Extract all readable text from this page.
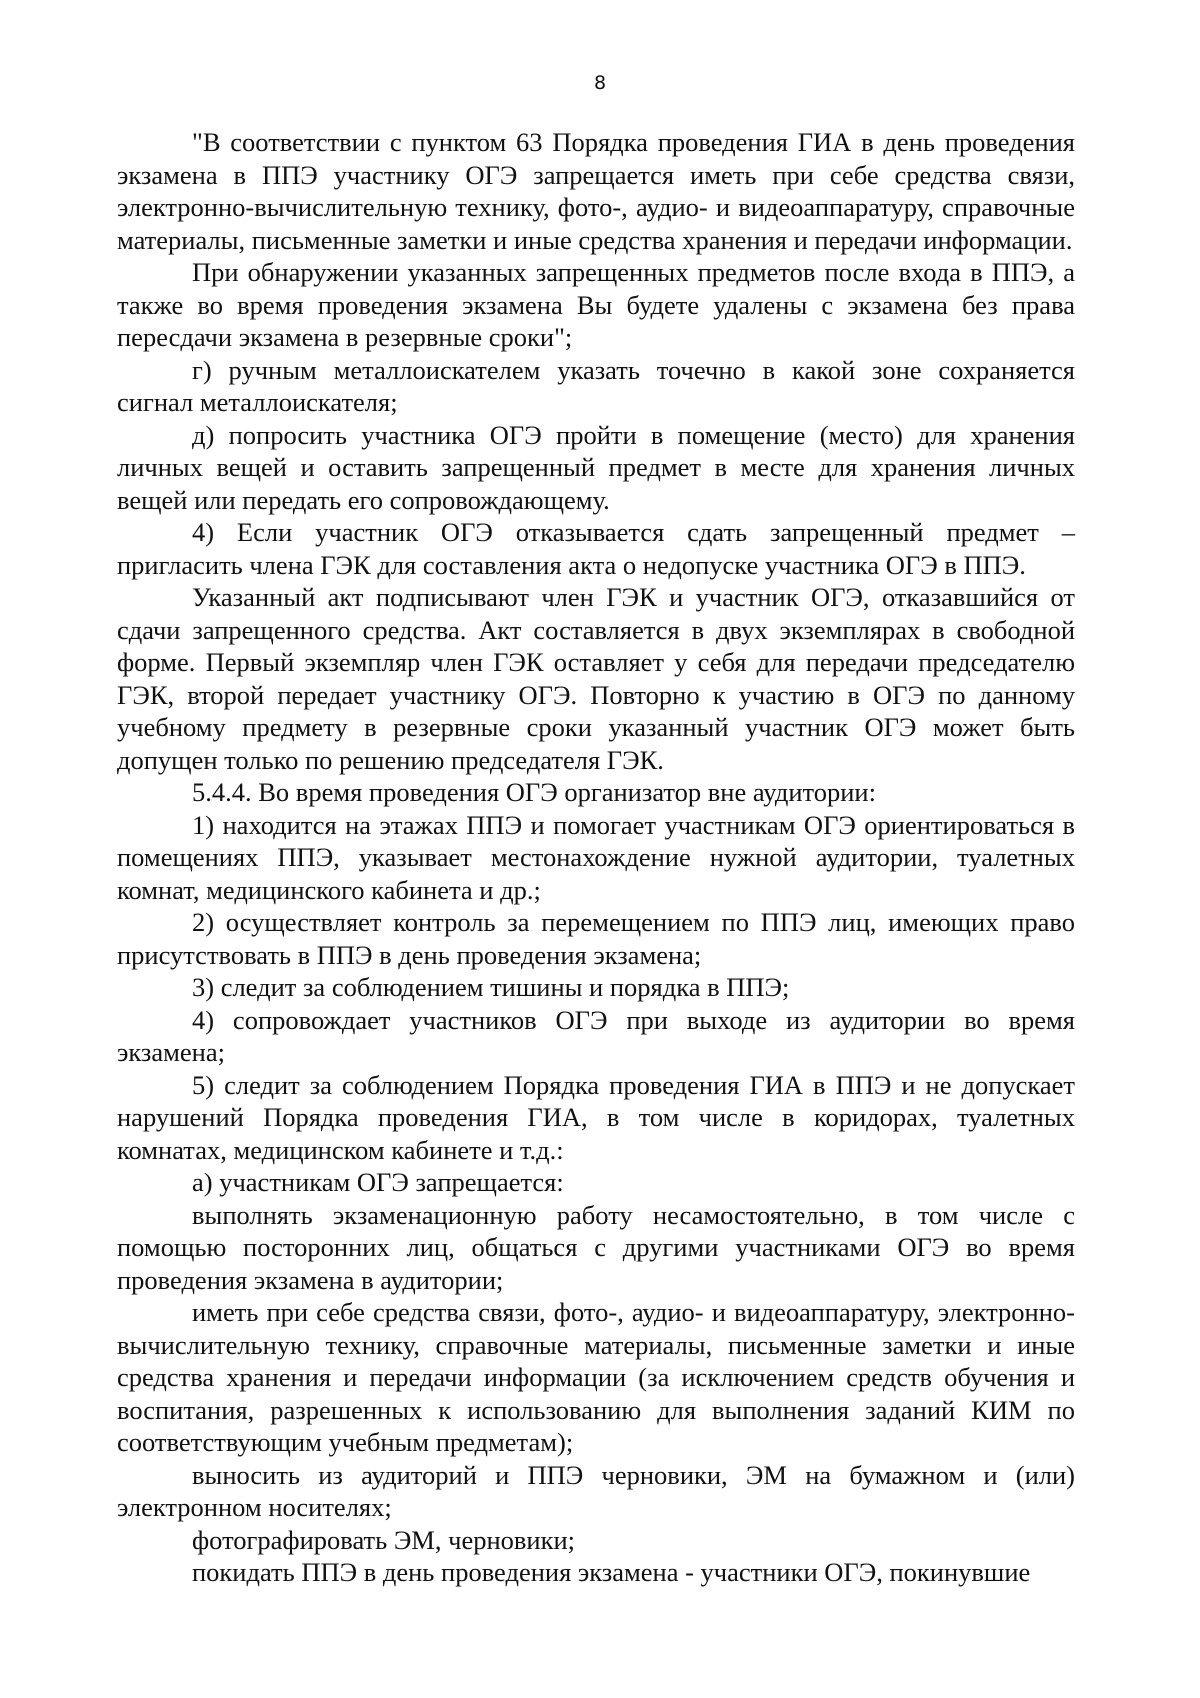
8

"В соответствии с пунктом 63 Порядка проведения ГИА в день проведения экзамена в ППЭ участнику ОГЭ запрещается иметь при себе средства связи, электронно-вычислительную технику, фото-, аудио- и видеоаппаратуру, справочные материалы, письменные заметки и иные средства хранения и передачи информации.

При обнаружении указанных запрещенных предметов после входа в ППЭ, а также во время проведения экзамена Вы будете удалены с экзамена без права пересдачи экзамена в резервные сроки";

г) ручным металлоискателем указать точечно в какой зоне сохраняется сигнал металлоискателя;

д) попросить участника ОГЭ пройти в помещение (место) для хранения личных вещей и оставить запрещенный предмет в месте для хранения личных вещей или передать его сопровождающему.

4) Если участник ОГЭ отказывается сдать запрещенный предмет – пригласить члена ГЭК для составления акта о недопуске участника ОГЭ в ППЭ.

Указанный акт подписывают член ГЭК и участник ОГЭ, отказавшийся от сдачи запрещенного средства. Акт составляется в двух экземплярах в свободной форме. Первый экземпляр член ГЭК оставляет у себя для передачи председателю ГЭК, второй передает участнику ОГЭ. Повторно к участию в ОГЭ по данному учебному предмету в резервные сроки указанный участник ОГЭ может быть допущен только по решению председателя ГЭК.

5.4.4. Во время проведения ОГЭ организатор вне аудитории:

1) находится на этажах ППЭ и помогает участникам ОГЭ ориентироваться в помещениях ППЭ, указывает местонахождение нужной аудитории, туалетных комнат, медицинского кабинета и др.;

2) осуществляет контроль за перемещением по ППЭ лиц, имеющих право присутствовать в ППЭ в день проведения экзамена;

3) следит за соблюдением тишины и порядка в ППЭ;

4) сопровождает участников ОГЭ при выходе из аудитории во время экзамена;

5) следит за соблюдением Порядка проведения ГИА в ППЭ и не допускает нарушений Порядка проведения ГИА, в том числе в коридорах, туалетных комнатах, медицинском кабинете и т.д.:

а) участникам ОГЭ запрещается:

выполнять экзаменационную работу несамостоятельно, в том числе с помощью посторонних лиц, общаться с другими участниками ОГЭ во время проведения экзамена в аудитории;

иметь при себе средства связи, фото-, аудио- и видеоаппаратуру, электронно-вычислительную технику, справочные материалы, письменные заметки и иные средства хранения и передачи информации (за исключением средств обучения и воспитания, разрешенных к использованию для выполнения заданий КИМ по соответствующим учебным предметам);

выносить из аудиторий и ППЭ черновики, ЭМ на бумажном и (или) электронном носителях;

фотографировать ЭМ, черновики;

покидать ППЭ в день проведения экзамена - участники ОГЭ, покинувшие
